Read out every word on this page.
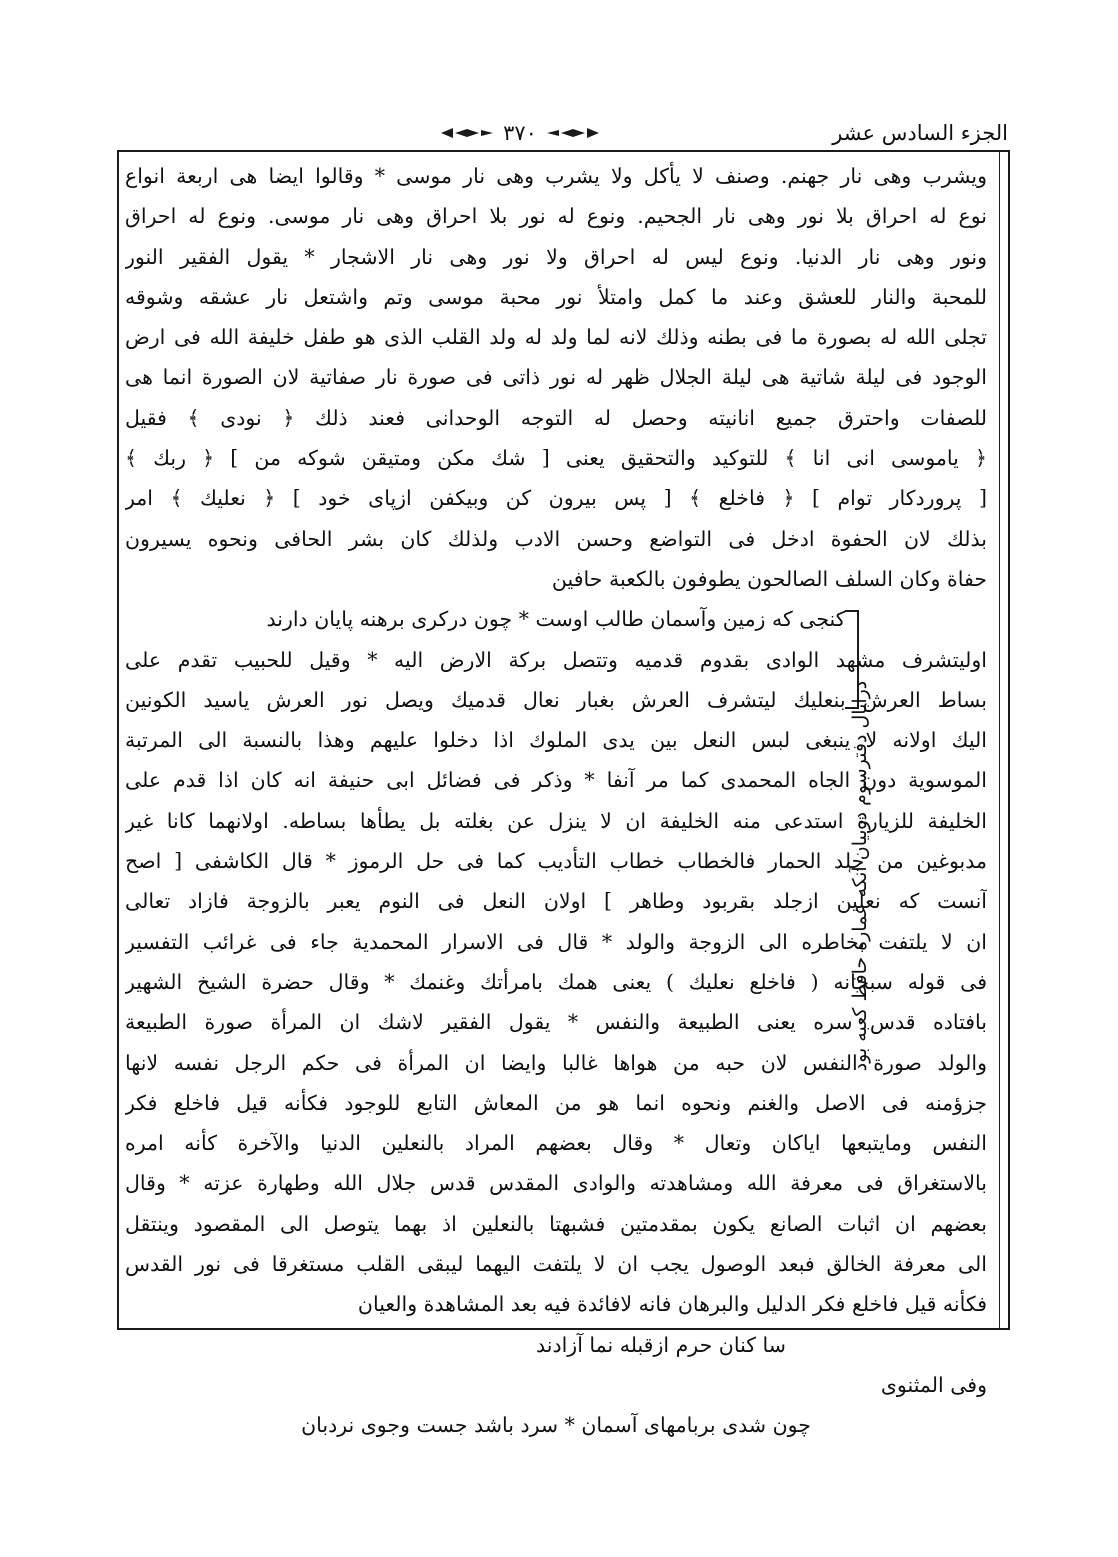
الجزء السادس عشر
٣٧٠
ويشرب وهى نار جهنم. وصنف لا يأكل ولا يشرب وهى نار موسى * وقالوا ايضا هى اربعة انواع
نوع له احراق بلا نور وهى نار الجحيم. ونوع له نور بلا احراق وهى نار موسى. ونوع له احراق
ونور وهى نار الدنيا. ونوع ليس له احراق ولا نور وهى نار الاشجار * يقول الفقير النور
للمحبة والنار للعشق وعند ما كمل وامتلأ نور محبة موسى وتم واشتعل نار عشقه وشوقه
تجلى الله له بصورة ما فى بطنه وذلك لانه لما ولد له ولد القلب الذى هو طفل خليفة الله فى ارض
الوجود فى ليلة شاتية هى ليلة الجلال ظهر له نور ذاتى فى صورة نار صفاتية لان الصورة انما هى
للصفات واحترق جميع انانيته وحصل له التوجه الوحدانى فعند ذلك ﴿ نودى ﴾ فقيل
﴿ ياموسى انى انا ﴾ للتوكيد والتحقيق يعنى [ شك مكن ومتيقن شوكه من ] ﴿ ربك ﴾
[ پروردكار توام ] ﴿ فاخلع ﴾ [ پس بيرون كن وبيكفن ازپاى خود ] ﴿ نعليك ﴾ امر
بذلك لان الحفوة ادخل فى التواضع وحسن الادب ولذلك كان بشر الحافى ونحوه يسيرون
حفاة وكان السلف الصالحون يطوفون بالكعبة حافين
كنجى كه زمين وآسمان طالب اوست * چون دركرى برهنه پايان دارند
اوليتشرف مشهد الوادى بقدوم قدميه وتتصل بركة الارض اليه * وقيل للحبيب تقدم على
بساط العرش بنعليك ليتشرف العرش بغبار نعال قدميك ويصل نور العرش ياسيد الكونين
اليك اولانه لا ينبغى لبس النعل بين يدى الملوك اذا دخلوا عليهم وهذا بالنسبة الى المرتبة
الموسوية دون الجاه المحمدى كما مر آنفا * وذكر فى فضائل ابى حنيفة انه كان اذا قدم على
الخليفة للزيارة استدعى منه الخليفة ان لا ينزل عن بغلته بل يطأها بساطه. اولانهما كانا غير
مدبوغين من جلد الحمار فالخطاب خطاب التأديب كما فى حل الرموز * قال الكاشفى [ اصح
آنست كه نعلين ازجلد بقربود وطاهر ] اولان النعل فى النوم يعبر بالزوجة فازاد تعالى
ان لا يلتفت بخاطره الى الزوجة والولد * قال فى الاسرار المحمدية جاء فى غرائب التفسير
فى قوله سبحانه ( فاخلع نعليك ) يعنى همك بامرأتك وغنمك * وقال حضرة الشيخ الشهير
بافتاده قدس سره يعنى الطبيعة والنفس * يقول الفقير لاشك ان المرأة صورة الطبيعة
والولد صورة النفس لان حبه من هواها غالبا وايضا ان المرأة فى حكم الرجل نفسه لانها
جزؤمنه فى الاصل والغنم ونحوه انما هو من المعاش التابع للوجود فكأنه قيل فاخلع فكر
النفس ومايتبعها اياكان وتعال * وقال بعضهم المراد بالنعلين الدنيا والآخرة كأنه امره
بالاستغراق فى معرفة الله ومشاهدته والوادى المقدس قدس جلال الله وطهارة عزته * وقال
بعضهم ان اثبات الصانع يكون بمقدمتين فشبهتا بالنعلين اذ بهما يتوصل الى المقصود وينتقل
الى معرفة الخالق فبعد الوصول يجب ان لا يلتفت اليهما ليبقى القلب مستغرقا فى نور القدس
فكأنه قيل فاخلع فكر الدليل والبرهان فانه لافائدة فيه بعد المشاهدة والعيان
سا كنان حرم ازقبله نما آزادند
وفى المثنوى
چون شدى بربامهاى آسمان * سرد باشد جست وجوى نردبان
درابال دفترسوم دربيان آنكه عماره حافظ كعبه بود
